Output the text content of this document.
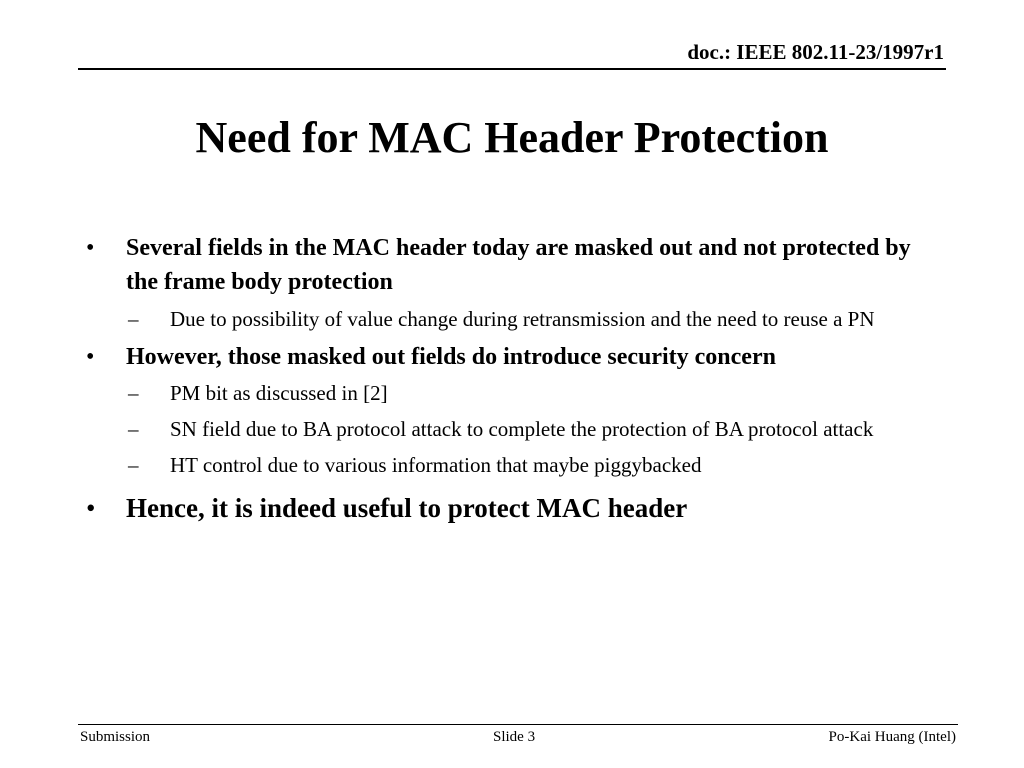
doc.: IEEE 802.11-23/1997r1
Need for MAC Header Protection
• Several fields in the MAC header today are masked out and not protected by the frame body protection
– Due to possibility of value change during retransmission and the need to reuse a PN
• However, those masked out fields do introduce security concern
– PM bit as discussed in [2]
– SN field due to BA protocol attack to complete the protection of BA protocol attack
– HT control due to various information that maybe piggybacked
• Hence, it is indeed useful to protect MAC header
Submission	Slide 3	Po-Kai Huang (Intel)
